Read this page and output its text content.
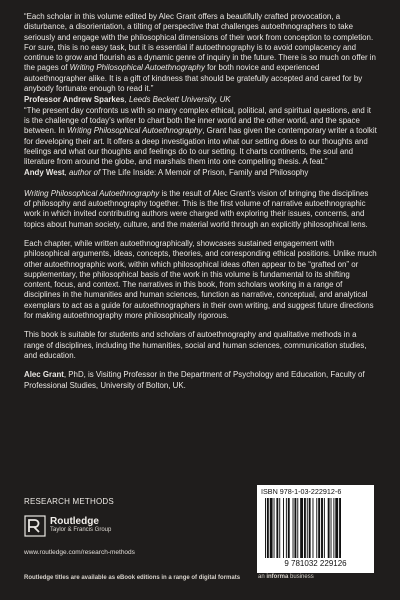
“Each scholar in this volume edited by Alec Grant offers a beautifully crafted provocation, a disturbance, a disorientation, a tilting of perspective that challenges autoethnographers to take seriously and engage with the philosophical dimensions of their work from conception to completion. For sure, this is no easy task, but it is essential if autoethnography is to avoid complacency and continue to grow and flourish as a dynamic genre of inquiry in the future. There is so much on offer in the pages of Writing Philosophical Autoethnography for both novice and experienced autoethnographer alike. It is a gift of kindness that should be gratefully accepted and cared for by anybody fortunate enough to read it.”

Professor Andrew Sparkes, Leeds Beckett University, UK

“The present day confronts us with so many complex ethical, political, and spiritual questions, and it is the challenge of today’s writer to chart both the inner world and the other world, and the space between. In Writing Philosophical Autoethnography, Grant has given the contemporary writer a toolkit for developing their art. It offers a deep investigation into what our setting does to our thoughts and feelings and what our thoughts and feelings do to our setting. It charts continents, the soul and literature from around the globe, and marshals them into one compelling thesis. A feat.”

Andy West, author of The Life Inside: A Memoir of Prison, Family and Philosophy

Writing Philosophical Autoethnography is the result of Alec Grant’s vision of bringing the disciplines of philosophy and autoethnography together. This is the first volume of narrative autoethnographic work in which invited contributing authors were charged with exploring their issues, concerns, and topics about human society, culture, and the material world through an explicitly philosophical lens.

Each chapter, while written autoethnographically, showcases sustained engagement with philosophical arguments, ideas, concepts, theories, and corresponding ethical positions. Unlike much other autoethnographic work, within which philosophical ideas often appear to be “grafted on” or supplementary, the philosophical basis of the work in this volume is fundamental to its shifting content, focus, and context. The narratives in this book, from scholars working in a range of disciplines in the humanities and human sciences, function as narrative, conceptual, and analytical exemplars to act as a guide for autoethnographers in their own writing, and suggest future directions for making autoethnography more philosophically rigorous.

This book is suitable for students and scholars of autoethnography and qualitative methods in a range of disciplines, including the humanities, social and human sciences, communication studies, and education.

Alec Grant, PhD, is Visiting Professor in the Department of Psychology and Education, Faculty of Professional Studies, University of Bolton, UK.

RESEARCH METHODS
Routledge
Taylor & Francis Group
www.routledge.com/research-methods
Routledge titles are available as eBook editions in a range of digital formats
ISBN 978-1-03-222912-6
9 781032 229126
an informa business
